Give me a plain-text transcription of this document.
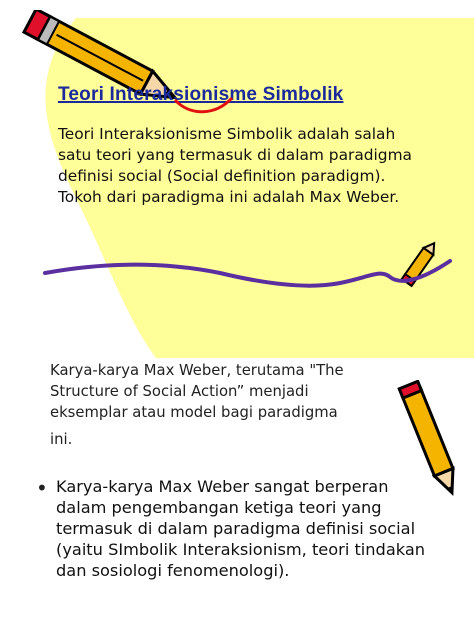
Teori Interaksionisme Simbolik
Teori Interaksionisme Simbolik adalah salah satu teori yang termasuk di dalam paradigma definisi social (Social definition paradigm). Tokoh dari paradigma ini adalah Max Weber.
Karya-karya Max Weber, terutama "The
Structure of Social Action” menjadi
eksemplar atau model bagi paradigma
ini.
• Karya-karya Max Weber sangat berperan dalam pengembangan ketiga teori yang termasuk di dalam paradigma definisi social (yaitu SImbolik Interaksionism, teori tindakan dan sosiologi fenomenologi).
